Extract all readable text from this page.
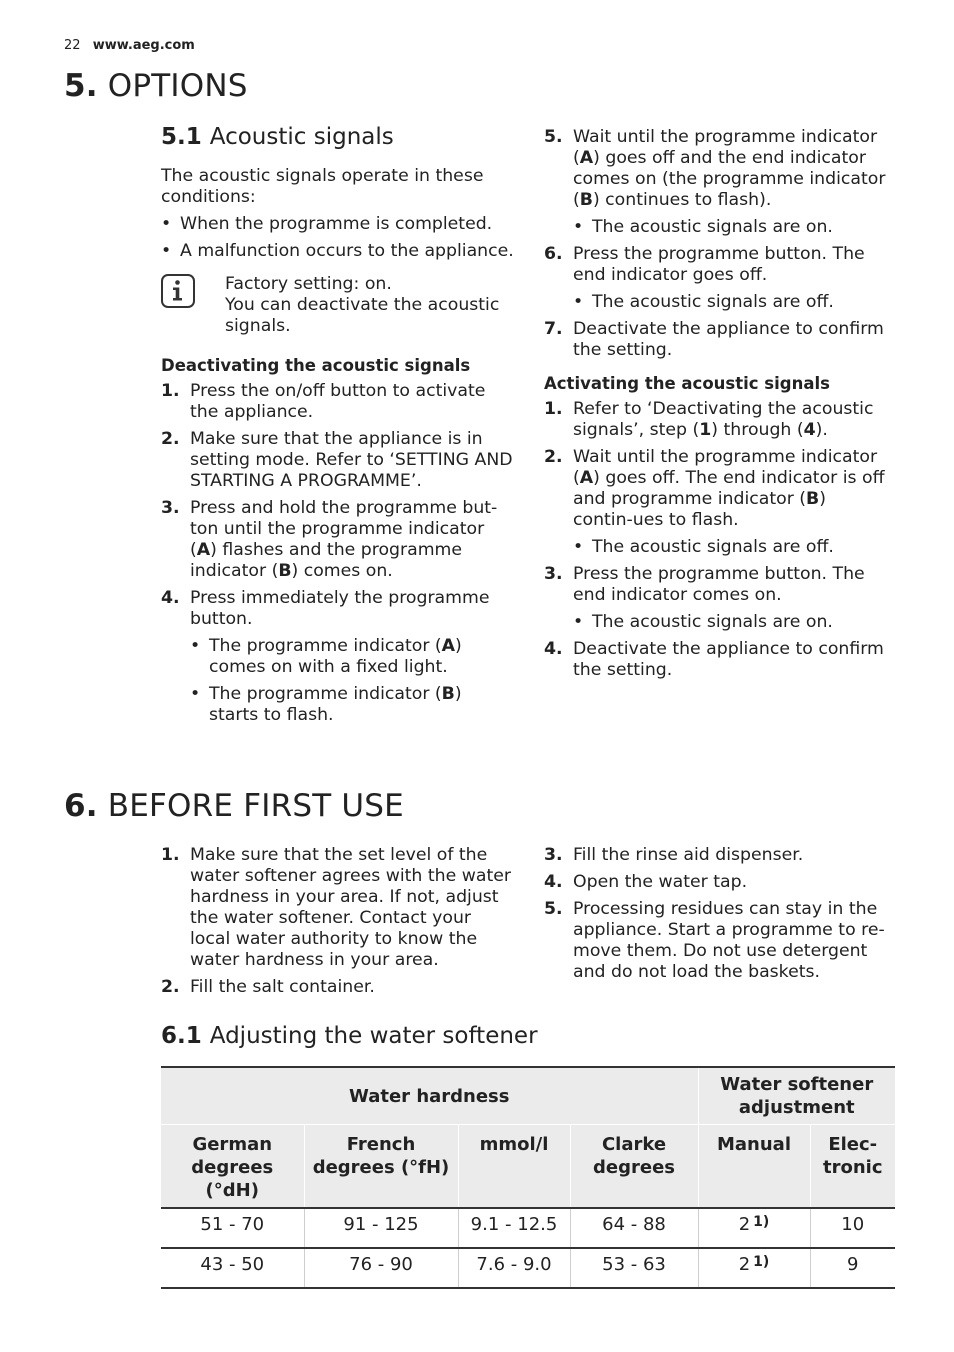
22 www.aeg.com
5. OPTIONS
5.1 Acoustic signals

The acoustic signals operate in these conditions:

• When the programme is completed.

• A malfunction occurs to the appliance.

Factory setting: on.

You can deactivate the acoustic signals.

Deactivating the acoustic signals

1. Press the on/off button to activate the appliance.

2. Make sure that the appliance is in setting mode. Refer to ‘SETTING AND STARTING A PROGRAMME’.

3. Press and hold the programme but-ton until the programme indicator (A) flashes and the programme indicator (B) comes on.

4. Press immediately the programme button.

• The programme indicator (A) comes on with a fixed light.

• The programme indicator (B) starts to flash.

5. Wait until the programme indicator (A) goes off and the end indicator comes on (the programme indicator (B) continues to flash).

• The acoustic signals are on.

6. Press the programme button. The end indicator goes off.

• The acoustic signals are off.

7. Deactivate the appliance to confirm the setting.

Activating the acoustic signals

1. Refer to ‘Deactivating the acoustic signals’, step (1) through (4).

2. Wait until the programme indicator (A) goes off. The end indicator is off and programme indicator (B) contin-ues to flash.

• The acoustic signals are off.

3. Press the programme button. The end indicator comes on.

• The acoustic signals are on.

4. Deactivate the appliance to confirm the setting.

6. BEFORE FIRST USE

1. Make sure that the set level of the water softener agrees with the water hardness in your area. If not, adjust the water softener. Contact your local water authority to know the water hardness in your area.

2. Fill the salt container.

3. Fill the rinse aid dispenser.

4. Open the water tap.

5. Processing residues can stay in the appliance. Start a programme to re-move them. Do not use detergent and do not load the baskets.

6.1 Adjusting the water softener
Water hardness				Water softener adjustment	
German degrees (°dH)	French degrees (°fH)	mmol/l	Clarke degrees	Manual	Elec-tronic
51 - 70	91 - 125	9.1 - 12.5	64 - 88	2 $^{1)}$	10
43 - 50	76 - 90	7.6 - 9.0	53 - 63	2 $^{1)}$	9
